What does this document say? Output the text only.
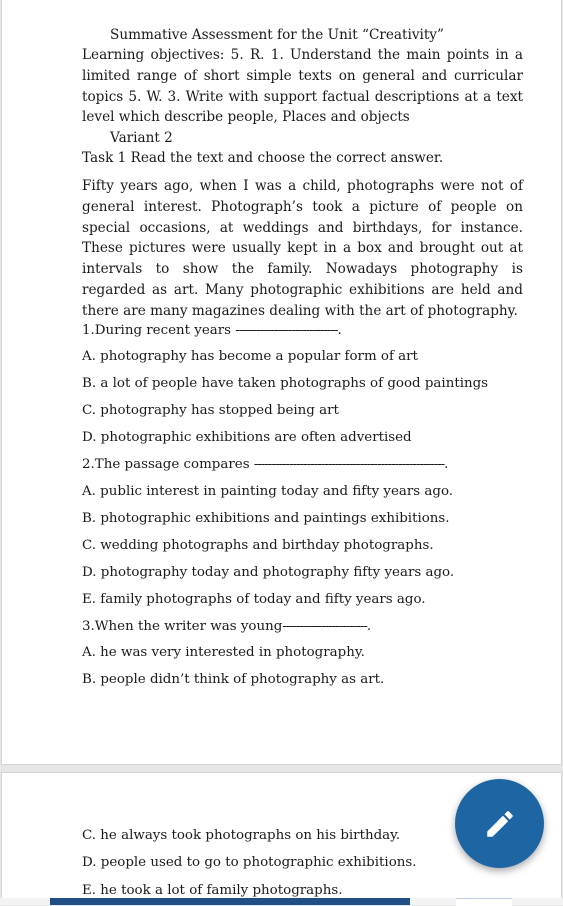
Summative Assessment for the Unit “Creativity”

Learning objectives: 5. R. 1. Understand the main points in a limited range of short simple texts on general and curricular topics 5. W. 3. Write with support factual descriptions at a text level which describe people, Places and objects

Variant 2

Task 1 Read the text and choose the correct answer.

Fifty years ago, when I was a child, photographs were not of general interest. Photograph’s took a picture of people on special occasions, at weddings and birthdays, for instance. These pictures were usually kept in a box and brought out at intervals to show the family. Nowadays photography is regarded as art. Many photographic exhibitions are held and there are many magazines dealing with the art of photography.

1.During recent years -----------------------------.

A. photography has become a popular form of art

B. a lot of people have taken photographs of good paintings

C. photography has stopped being art

D. photographic exhibitions are often advertised

2.The passage compares ------------------------------------------------------.

A. public interest in painting today and fifty years ago.

B. photographic exhibitions and paintings exhibitions.

C. wedding photographs and birthday photographs.

D. photography today and photography fifty years ago.

E. family photographs of today and fifty years ago.

3.When the writer was young------------------------.

A. he was very interested in photography.

B. people didn’t think of photography as art.

C. he always took photographs on his birthday.

D. people used to go to photographic exhibitions.

E. he took a lot of family photographs.
